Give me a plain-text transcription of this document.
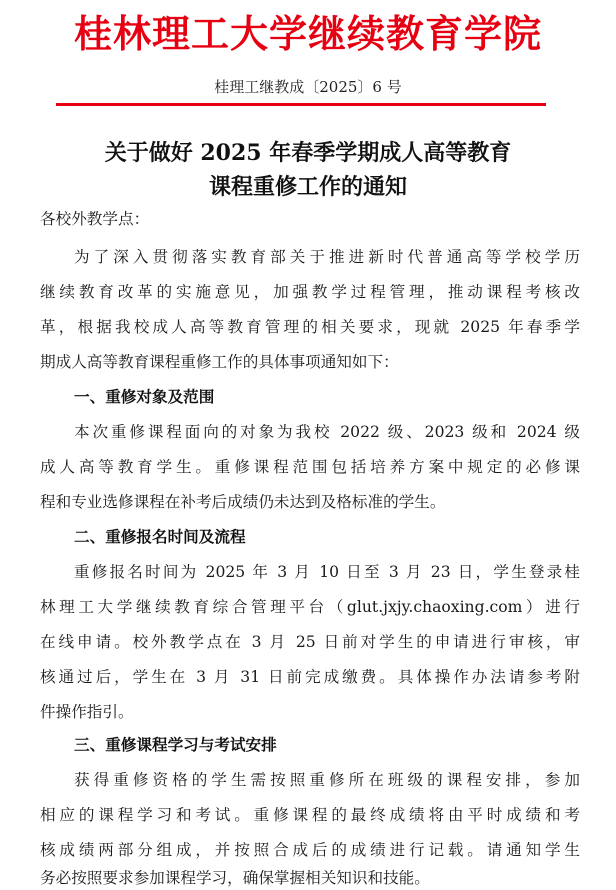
桂林理工大学继续教育学院
桂理工继教成〔2025〕6 号
关于做好 2025 年春季学期成人高等教育
课程重修工作的通知
各校外教学点：
为了深入贯彻落实教育部关于推进新时代普通高等学校学历
继续教育改革的实施意见，加强教学过程管理，推动课程考核改
革，根据我校成人高等教育管理的相关要求，现就 2025 年春季学
期成人高等教育课程重修工作的具体事项通知如下：
一、重修对象及范围
本次重修课程面向的对象为我校 2022 级、2023 级和 2024 级
成人高等教育学生。重修课程范围包括培养方案中规定的必修课
程和专业选修课程在补考后成绩仍未达到及格标准的学生。
二、重修报名时间及流程
重修报名时间为 2025 年 3 月 10 日至 3 月 23 日，学生登录桂
林理工大学继续教育综合管理平台（glut.jxjy.chaoxing.com）进行
在线申请。校外教学点在 3 月 25 日前对学生的申请进行审核，审
核通过后，学生在 3 月 31 日前完成缴费。具体操作办法请参考附
件操作指引。
三、重修课程学习与考试安排
获得重修资格的学生需按照重修所在班级的课程安排，参加
相应的课程学习和考试。重修课程的最终成绩将由平时成绩和考
核成绩两部分组成，并按照合成后的成绩进行记载。请通知学生
务必按照要求参加课程学习，确保掌握相关知识和技能。
